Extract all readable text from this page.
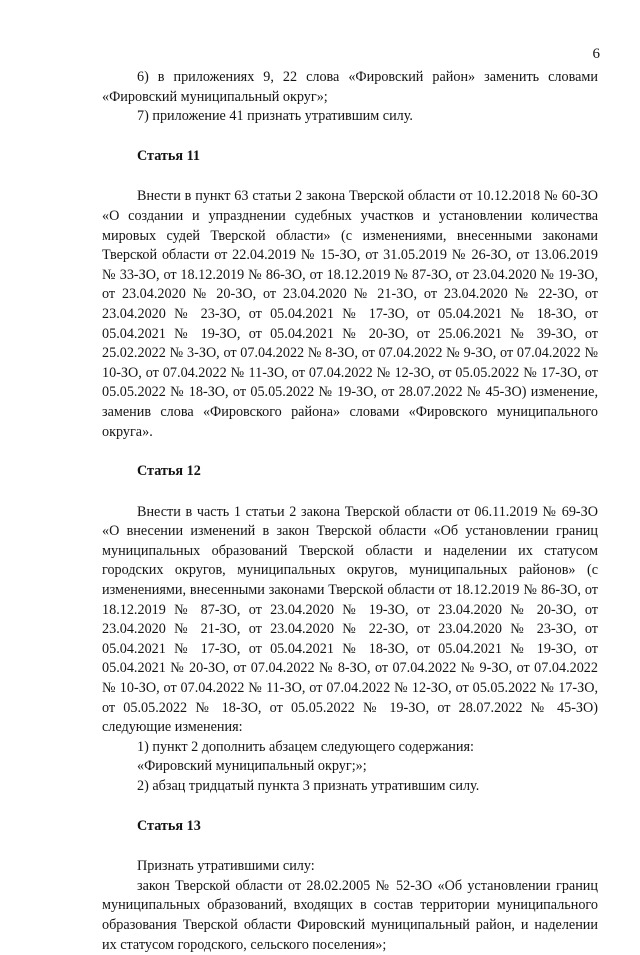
6

6) в приложениях 9, 22 слова «Фировский район» заменить словами «Фировский муниципальный округ»;

7) приложение 41 признать утратившим силу.

Статья 11

Внести в пункт 63 статьи 2 закона Тверской области от 10.12.2018 № 60-ЗО «О создании и упразднении судебных участков и установлении количества мировых судей Тверской области» (с изменениями, внесенными законами Тверской области от 22.04.2019 № 15-ЗО, от 31.05.2019 № 26-ЗО, от 13.06.2019 № 33-ЗО, от 18.12.2019 № 86-ЗО, от 18.12.2019 № 87-ЗО, от 23.04.2020 № 19-ЗО, от 23.04.2020 № 20-ЗО, от 23.04.2020 № 21-ЗО, от 23.04.2020 № 22-ЗО, от 23.04.2020 № 23-ЗО, от 05.04.2021 № 17-ЗО, от 05.04.2021 № 18-ЗО, от 05.04.2021 № 19-ЗО, от 05.04.2021 № 20-ЗО, от 25.06.2021 № 39-ЗО, от 25.02.2022 № 3-ЗО, от 07.04.2022 № 8-ЗО, от 07.04.2022 № 9-ЗО, от 07.04.2022 № 10-ЗО, от 07.04.2022 № 11-ЗО, от 07.04.2022 № 12-ЗО, от 05.05.2022 № 17-ЗО, от 05.05.2022 № 18-ЗО, от 05.05.2022 № 19-ЗО, от 28.07.2022 № 45-ЗО) изменение, заменив слова «Фировского района» словами «Фировского муниципального округа».

Статья 12

Внести в часть 1 статьи 2 закона Тверской области от 06.11.2019 № 69-ЗО «О внесении изменений в закон Тверской области «Об установлении границ муниципальных образований Тверской области и наделении их статусом городских округов, муниципальных округов, муниципальных районов» (с изменениями, внесенными законами Тверской области от 18.12.2019 № 86-ЗО, от 18.12.2019 № 87-ЗО, от 23.04.2020 № 19-ЗО, от 23.04.2020 № 20-ЗО, от 23.04.2020 № 21-ЗО, от 23.04.2020 № 22-ЗО, от 23.04.2020 № 23-ЗО, от 05.04.2021 № 17-ЗО, от 05.04.2021 № 18-ЗО, от 05.04.2021 № 19-ЗО, от 05.04.2021 № 20-ЗО, от 07.04.2022 № 8-ЗО, от 07.04.2022 № 9-ЗО, от 07.04.2022 № 10-ЗО, от 07.04.2022 № 11-ЗО, от 07.04.2022 № 12-ЗО, от 05.05.2022 № 17-ЗО, от 05.05.2022 № 18-ЗО, от 05.05.2022 № 19-ЗО, от 28.07.2022 № 45-ЗО) следующие изменения:

1) пункт 2 дополнить абзацем следующего содержания:

«Фировский муниципальный округ;»;

2) абзац тридцатый пункта 3 признать утратившим силу.

Статья 13

Признать утратившими силу:

закон Тверской области от 28.02.2005 № 52-ЗО «Об установлении границ муниципальных образований, входящих в состав территории муниципального образования Тверской области Фировский муниципальный район, и наделении их статусом городского, сельского поселения»;
